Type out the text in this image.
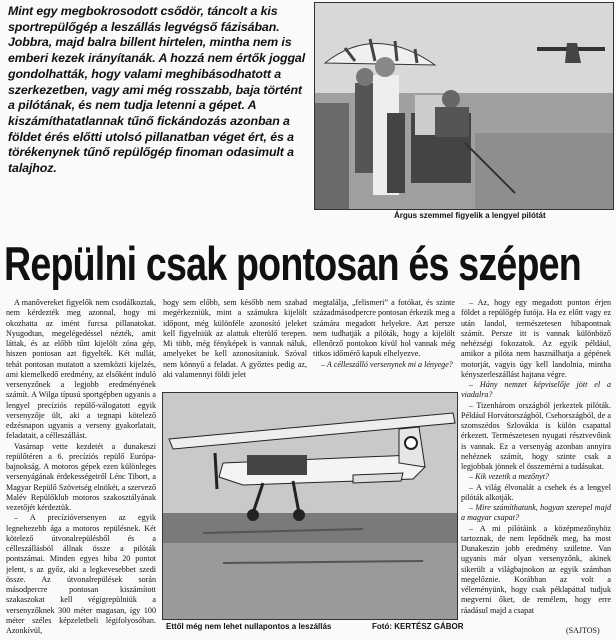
Mint egy megbokrosodott csődör, táncolt a kis sportrepülőgép a leszállás legvégső fázisában. Jobbra, majd balra billent hirtelen, mintha nem is emberi kezek irányítanák. A hozzá nem értők joggal gondolhatták, hogy valami meghibásodhatott a szerkezetben, vagy ami még rosszabb, baja történt a pilótának, és nem tudja letenni a gépet. A kiszámíthatatlannak tűnő fickándozás azonban a földet érés előtti utolsó pillanatban véget ért, és a törékenynek tűnő repülőgép finoman odasimult a talajhoz.
Árgus szemmel figyelik a lengyel pilótát
Repülni csak pontosan és szépen

A manővereket figyelők nem csodálkoztak, nem kérdezték meg azonnal, hogy mi okozhatta az imént furcsa pillanatokat. Nyugodtan, megelégedéssel nézték, amit láttak, és az előbb tűnt kijelölt zóna gép, hiszen pontosan azt figyelték. Két nullát, tehát pontosan mutatott a szemközti kijelzés, ami kiemelkedő eredmény, az elsőként induló versenyzőnek a legjobb eredményének számít. A Wilga típusú sportgépben ugyanis a lengyel precíziós repülő-válogatott egyik versenyzője ült, aki a tegnapi kötelező edzésnapon ugyanis a verseny gyakorlatait, feladatait, a célleszállást.

Vasárnap vette kezdetét a dunakeszi repülőtéren a 6. precíziós repülő Európa-bajnokság. A motoros gépek ezen különleges versenyágának érdekességeiről Lénc Tibort, a Magyar Repülő Szövetség elnökét, a szervező Malév Repülőklub motoros szakosztályának vezetőjét kérdeztük.

– A precízióversenyen az egyik legnehezebb ága a motoros repülésnek. Két kötelező útvonalrepülésből és a célleszállásból állnak össze a pilóták pontszámai. Minden egyes hiba 20 pontot jelent, s az győz, aki a legkevesebbet szedi össze. Az útvonalrepülések során másodpercre pontosan kiszámított szakaszokat kell végigrepülniük a versenyzőknek 300 méter magasan, így 100 méter széles képzeletbeli légifolyosóban. Azonkívül,

hogy sem előbb, sem később nem szabad megérkezniük, mint a számukra kijelölt időpont, még különféle azonosító jeleket kell figyelniük az alattuk elterülő terepen. Mi több, még fényképek is vannak náluk, amelyeket be kell azonosítaniuk. Szóval nem könnyű a feladat. A győztes pedig az, aki valamennyi földi jelet

megtalálja, „felismeri” a fotókat, és szinte századmásodpercre pontosan érkezik meg a számára megadott helyekre. Azt persze nem tudhatják a pilóták, hogy a kijelölt ellenőrző pontokon kívül hol vannak még titkos időmérő kapuk elhelyezve.

– A célleszálló versenynek mi a lényege?

– Az, hogy egy megadott ponton érjen földet a repülőgép futója. Ha ez előtt vagy ez után landol, természetesen hibapontnak számít. Persze itt is vannak különböző nehézségi fokozatok. Az egyik például, amikor a pilóta nem használhatja a gépének motorját, vagyis úgy kell landolnia, mintha kényszerleszállást hajtana végre.

– Hány nemzet képviselője jött el a viadalra?

– Tizenhárom országból jerkeztek pilóták. Például Horvátországból, Csehországból, de a szomszédos Szlovákia is külön csapattal érkezett. Természetesen nyugati résztvevőink is vannak. Ez a versenyág azonban annyira nehéznek számít, hogy szinte csak a legjobbak jönnek el összemérni a tudásukat.

– Kik vezetik a mezőnyt?

– A világ élvonalát a csehek és a lengyel pilóták alkotják.

– Mire számíthatunk, hogyan szerepel majd a magyar csapat?

– A mi pilótáink a középmezőnyhöz tartoznak, de nem lepődnék meg, ha most Dunakeszin jobb eredmény születne. Van ugyanis már olyan versenyzőnk, akinek sikerült a világbajnokon az egyik számban megelőznie. Korábban az volt a véleményünk, hogy csak péklapáttal tudjuk megverni őket, de remélem, hogy erre ráadásul majd a csapat

Ettől még nem lehet nullapontos a leszállás	Fotó: KERTÉSZ GÁBOR	(SAJTOS)
